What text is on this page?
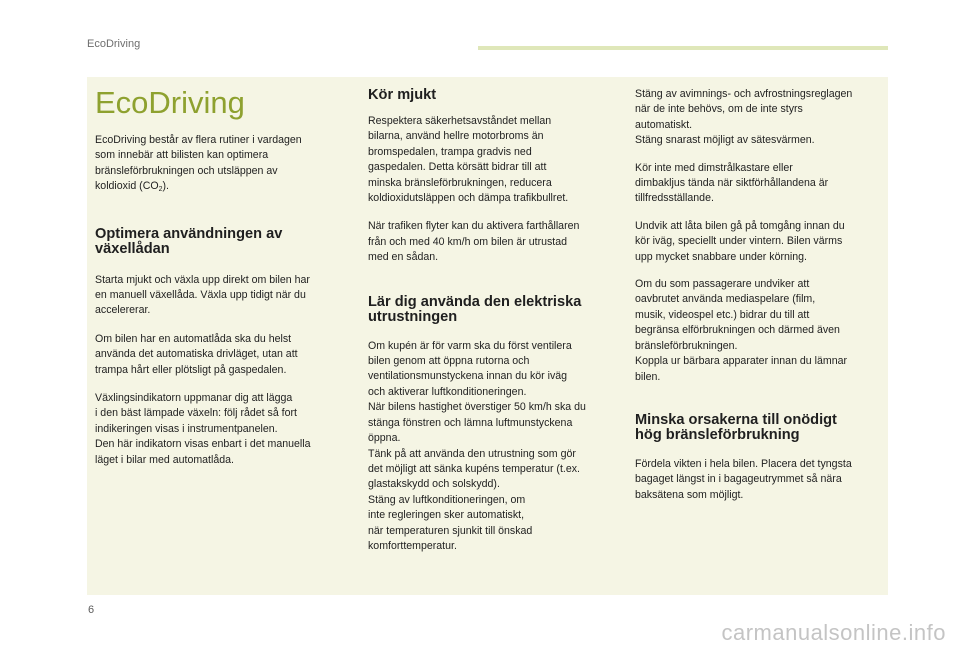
EcoDriving
EcoDriving

EcoDriving består av flera rutiner i vardagen
som innebär att bilisten kan optimera
bränsleförbrukningen och utsläppen av
koldioxid $(CO_2)$.

Optimera användningen av
växellådan

Starta mjukt och växla upp direkt om bilen har
en manuell växellåda. Växla upp tidigt när du
accelererar.

Om bilen har en automatlåda ska du helst
använda det automatiska drivläget, utan att
trampa hårt eller plötsligt på gaspedalen.

Växlingsindikatorn uppmanar dig att lägga
i den bäst lämpade växeln: följ rådet så fort
indikeringen visas i instrumentpanelen.
Den här indikatorn visas enbart i det manuella
läget i bilar med automatlåda.

Kör mjukt

Respektera säkerhetsavståndet mellan
bilarna, använd hellre motorbroms än
bromspedalen, trampa gradvis ned
gaspedalen. Detta körsätt bidrar till att
minska bränsleförbrukningen, reducera
koldioxidutsläppen och dämpa trafikbullret.

När trafiken flyter kan du aktivera farthållaren
från och med 40 km/h om bilen är utrustad
med en sådan.

Lär dig använda den elektriska
utrustningen

Om kupén är för varm ska du först ventilera
bilen genom att öppna rutorna och
ventilationsmunstyckena innan du kör iväg
och aktiverar luftkonditioneringen.
När bilens hastighet överstiger 50 km/h ska du
stänga fönstren och lämna luftmunstyckena
öppna.
Tänk på att använda den utrustning som gör
det möjligt att sänka kupéns temperatur (t.ex.
glastakskydd och solskydd).
Stäng av luftkonditioneringen, om
inte regleringen sker automatiskt,
när temperaturen sjunkit till önskad
komforttemperatur.

Stäng av avimnings- och avfrostningsreglagen
när de inte behövs, om de inte styrs
automatiskt.
Stäng snarast möjligt av sätesvärmen.

Kör inte med dimstrålkastare eller
dimbakljus tända när siktförhållandena är
tillfredsställande.

Undvik att låta bilen gå på tomgång innan du
kör iväg, speciellt under vintern. Bilen värms
upp mycket snabbare under körning.

Om du som passagerare undviker att
oavbrutet använda mediaspelare (film,
musik, videospel etc.) bidrar du till att
begränsa elförbrukningen och därmed även
bränsleförbrukningen.
Koppla ur bärbara apparater innan du lämnar
bilen.

Minska orsakerna till onödigt
hög bränsleförbrukning

Fördela vikten i hela bilen. Placera det tyngsta
bagaget längst in i bagageutrymmet så nära
baksätena som möjligt.

6
carmanualsonline.info
